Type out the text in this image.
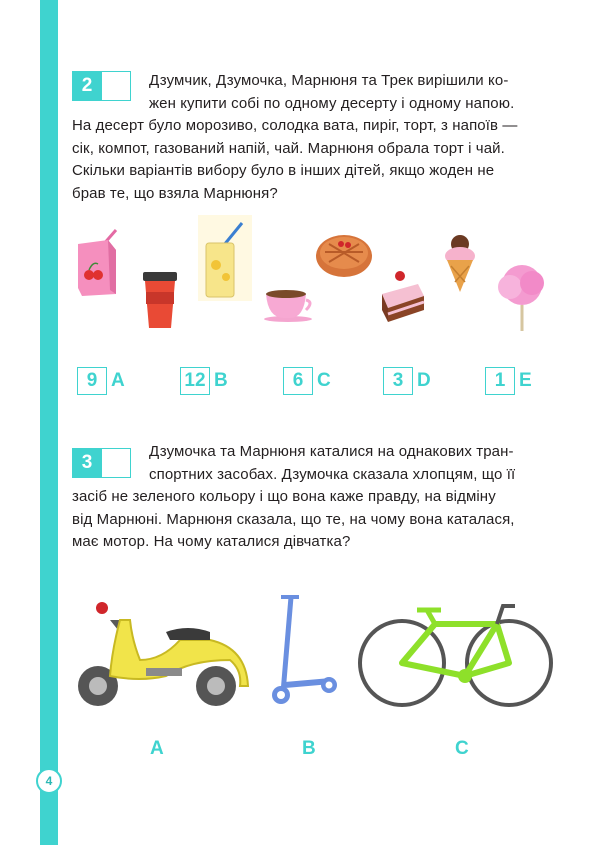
4
2	Дзумчик, Дзумочка, Марнюня та Трек вирішили ко-

жен купити собі по одному десерту і одному напою.

На десерт було морозиво, солодка вата, пиріг, торт, з напоїв —

сік, компот, газований напій, чай. Марнюня обрала торт і чай.

Скільки варіантів вибору було в інших дітей, якщо жоден не

брав те, що взяла Марнюня?

9 A	12 B	6 C	3 D	1 E
3

Дзумочка та Марнюня каталися на однакових тран-

спортних засобах. Дзумочка сказала хлопцям, що її

засіб не зеленого кольору і що вона каже правду, на відміну

від Марнюні. Марнюня сказала, що те, на чому вона каталася,

має мотор. На чому каталися дівчатка?

A	B	C
